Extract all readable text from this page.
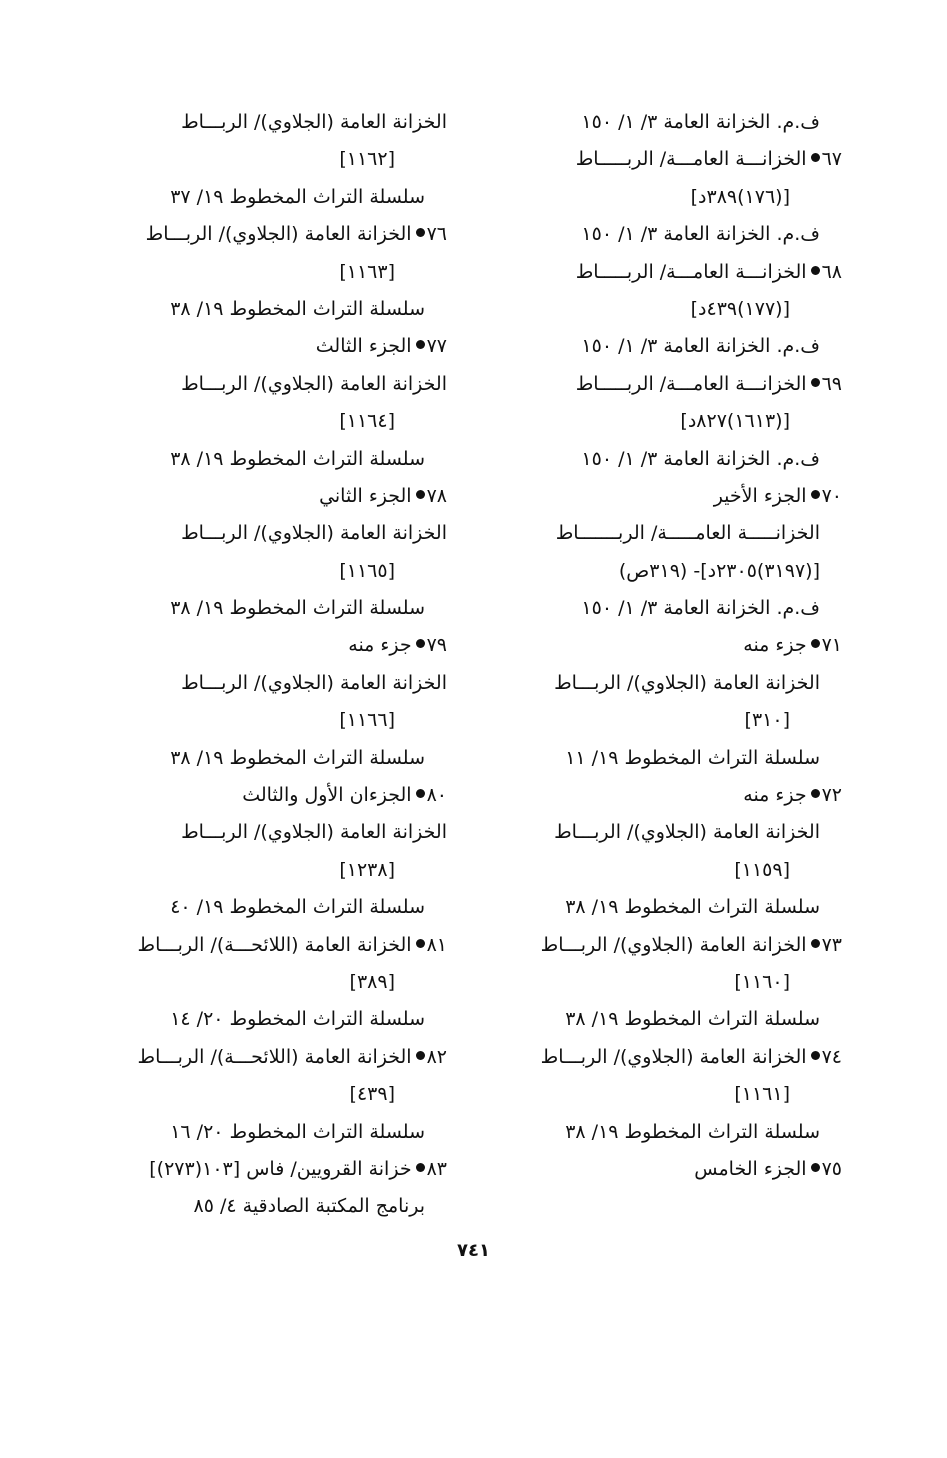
ف.م. الخزانة العامة ٣/ ١/ ١٥٠
٦٧الخزانـــة العامـــة/ الربـــــاط
[(١٧٦)٣٨٩د]
ف.م. الخزانة العامة ٣/ ١/ ١٥٠
٦٨الخزانـــة العامـــة/ الربـــــاط
[(١٧٧)٤٣٩د]
ف.م. الخزانة العامة ٣/ ١/ ١٥٠
٦٩الخزانـــة العامـــة/ الربـــــاط
[(١٦١٣)٨٢٧د]
ف.م. الخزانة العامة ٣/ ١/ ١٥٠
٧٠الجزء الأخير
الخزانـــــة العامـــــة/ الربـــــــاط
[(٣١٩٧)٢٣٠٥د]- (٣١٩ص)
ف.م. الخزانة العامة ٣/ ١/ ١٥٠
٧١جزء منه
الخزانة العامة (الجلاوي)/ الربـــاط
[٣١٠]
سلسلة التراث المخطوط ١٩/ ١١
٧٢جزء منه
الخزانة العامة (الجلاوي)/ الربـــاط
[١١٥٩]
سلسلة التراث المخطوط ١٩/ ٣٨
٧٣الخزانة العامة (الجلاوي)/ الربـــاط
[١١٦٠]
سلسلة التراث المخطوط ١٩/ ٣٨
٧٤الخزانة العامة (الجلاوي)/ الربـــاط
[١١٦١]
سلسلة التراث المخطوط ١٩/ ٣٨
٧٥الجزء الخامس
الخزانة العامة (الجلاوي)/ الربـــاط
[١١٦٢]
سلسلة التراث المخطوط ١٩/ ٣٧
٧٦الخزانة العامة (الجلاوي)/ الربـــاط
[١١٦٣]
سلسلة التراث المخطوط ١٩/ ٣٨
٧٧الجزء الثالث
الخزانة العامة (الجلاوي)/ الربـــاط
[١١٦٤]
سلسلة التراث المخطوط ١٩/ ٣٨
٧٨الجزء الثاني
الخزانة العامة (الجلاوي)/ الربـــاط
[١١٦٥]
سلسلة التراث المخطوط ١٩/ ٣٨
٧٩جزء منه
الخزانة العامة (الجلاوي)/ الربـــاط
[١١٦٦]
سلسلة التراث المخطوط ١٩/ ٣٨
٨٠الجزءان الأول والثالث
الخزانة العامة (الجلاوي)/ الربـــاط
[١٢٣٨]
سلسلة التراث المخطوط ١٩/ ٤٠
٨١الخزانة العامة (اللائحـــة)/ الربـــاط
[٣٨٩]
سلسلة التراث المخطوط ٢٠/ ١٤
٨٢الخزانة العامة (اللائحـــة)/ الربـــاط
[٤٣٩]
سلسلة التراث المخطوط ٢٠/ ١٦
٨٣خزانة القرويين/ فاس [١٠٣(٢٧٣)]
برنامج المكتبة الصادقية ٤/ ٨٥
٧٤١
